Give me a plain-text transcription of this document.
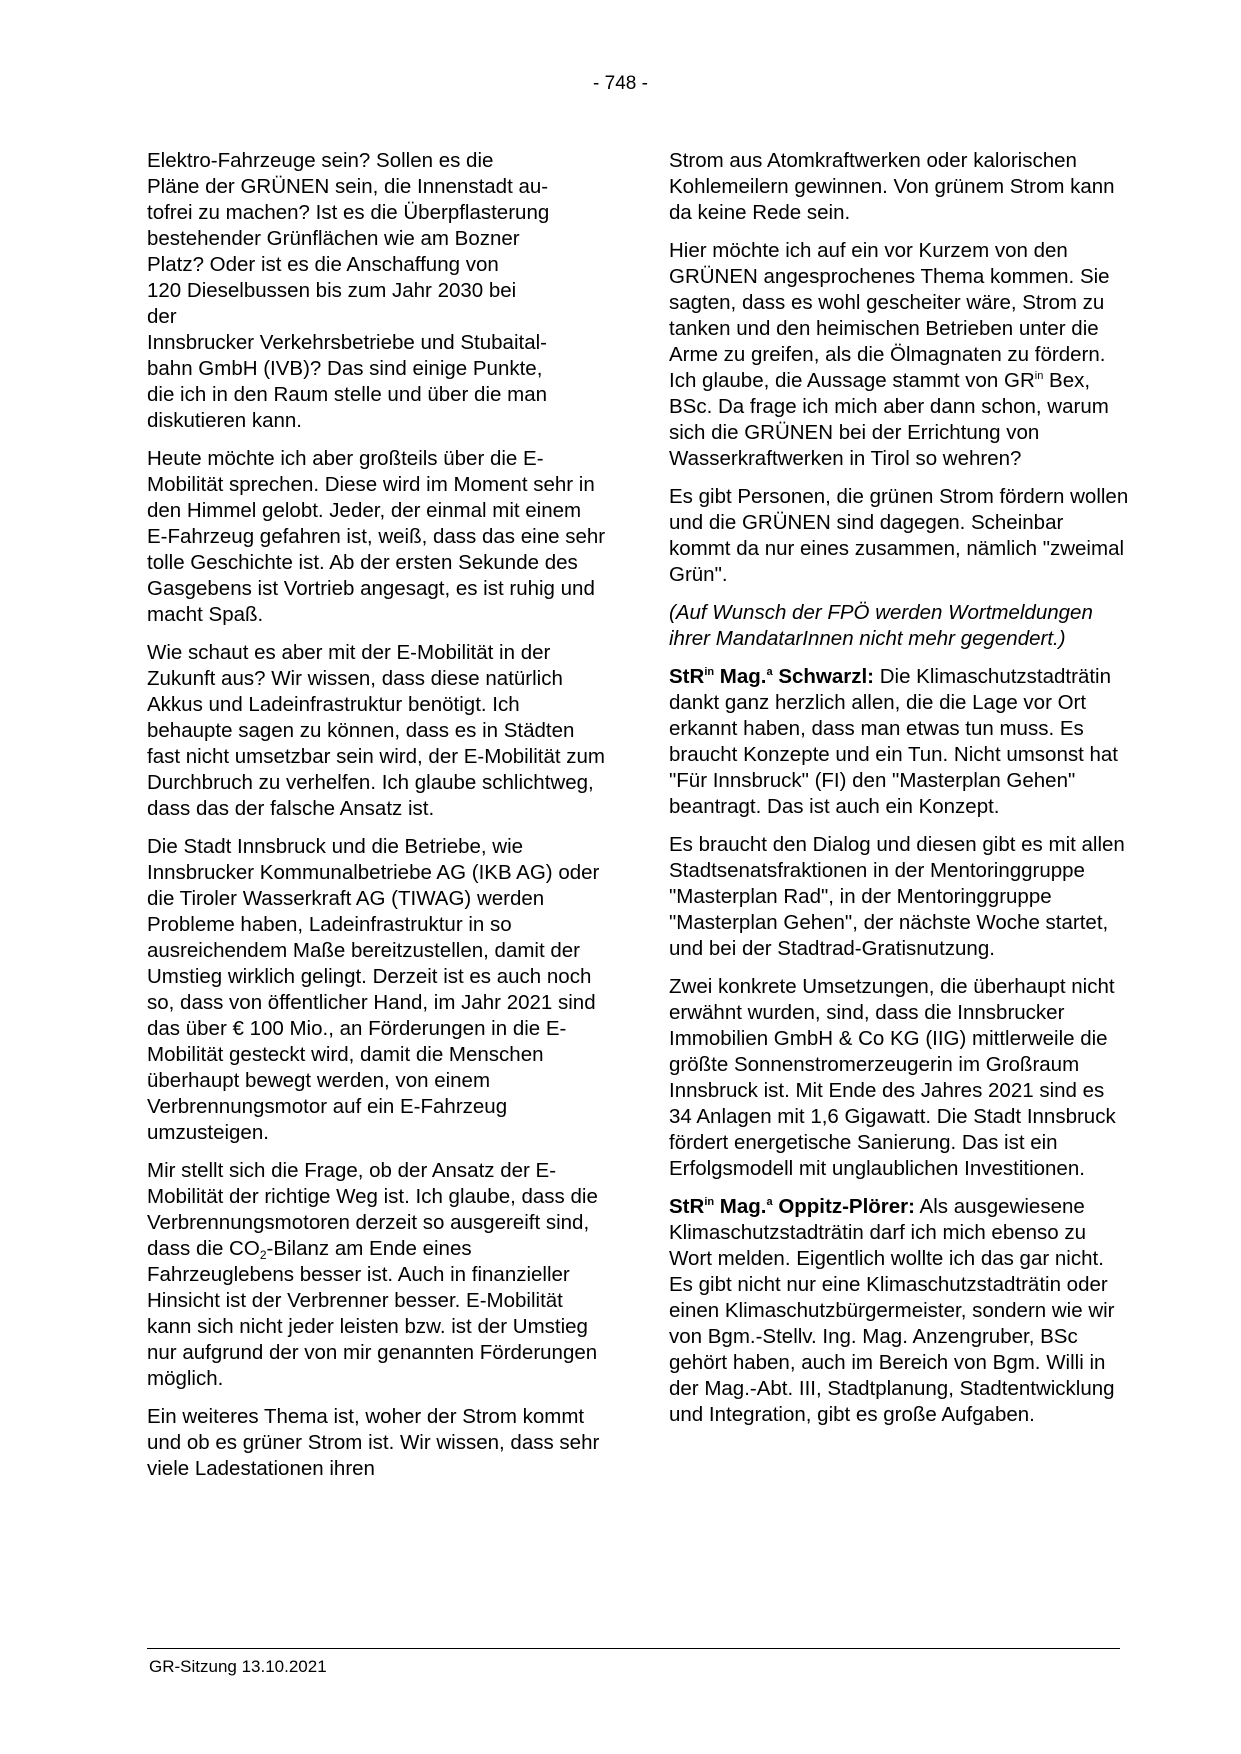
- 748 -

Elektro-Fahrzeuge sein? Sollen es die
Pläne der GRÜNEN sein, die Innenstadt au-
tofrei zu machen? Ist es die Überpflasterung
bestehender Grünflächen wie am Bozner
Platz? Oder ist es die Anschaffung von
120 Dieselbussen bis zum Jahr 2030 bei
der
Innsbrucker Verkehrsbetriebe und Stubaital-
bahn GmbH (IVB)? Das sind einige Punkte,
die ich in den Raum stelle und über die man
diskutieren kann.

Heute möchte ich aber großteils über die E-Mobilität sprechen. Diese wird im Moment sehr in den Himmel gelobt. Jeder, der einmal mit einem E-Fahrzeug gefahren ist, weiß, dass das eine sehr tolle Geschichte ist. Ab der ersten Sekunde des Gasgebens ist Vortrieb angesagt, es ist ruhig und macht Spaß.

Wie schaut es aber mit der E-Mobilität in der Zukunft aus? Wir wissen, dass diese natürlich Akkus und Ladeinfrastruktur benötigt. Ich behaupte sagen zu können, dass es in Städten fast nicht umsetzbar sein wird, der E-Mobilität zum Durchbruch zu verhelfen. Ich glaube schlichtweg, dass das der falsche Ansatz ist.

Die Stadt Innsbruck und die Betriebe, wie Innsbrucker Kommunalbetriebe AG (IKB AG) oder die Tiroler Wasserkraft AG (TIWAG) werden Probleme haben, Ladeinfrastruktur in so ausreichendem Maße bereitzustellen, damit der Umstieg wirklich gelingt. Derzeit ist es auch noch so, dass von öffentlicher Hand, im Jahr 2021 sind das über € 100 Mio., an Förderungen in die E-Mobilität gesteckt wird, damit die Menschen überhaupt bewegt werden, von einem Verbrennungsmotor auf ein E-Fahrzeug umzusteigen.

Mir stellt sich die Frage, ob der Ansatz der E-Mobilität der richtige Weg ist. Ich glaube, dass die Verbrennungsmotoren derzeit so ausgereift sind, dass die $CO_2$-Bilanz am Ende eines Fahrzeuglebens besser ist. Auch in finanzieller Hinsicht ist der Verbrenner besser. E-Mobilität kann sich nicht jeder leisten bzw. ist der Umstieg nur aufgrund der von mir genannten Förderungen möglich.

Ein weiteres Thema ist, woher der Strom kommt und ob es grüner Strom ist. Wir wissen, dass sehr viele Ladestationen ihren

Strom aus Atomkraftwerken oder kalorischen Kohlemeilern gewinnen. Von grünem Strom kann da keine Rede sein.

Hier möchte ich auf ein vor Kurzem von den GRÜNEN angesprochenes Thema kommen. Sie sagten, dass es wohl gescheiter wäre, Strom zu tanken und den heimischen Betrieben unter die Arme zu greifen, als die Ölmagnaten zu fördern. Ich glaube, die Aussage stammt von $GR^{in}$ Bex, BSc. Da frage ich mich aber dann schon, warum sich die GRÜNEN bei der Errichtung von Wasserkraftwerken in Tirol so wehren?

Es gibt Personen, die grünen Strom fördern wollen und die GRÜNEN sind dagegen. Scheinbar kommt da nur eines zusammen, nämlich "zweimal Grün".

(Auf Wunsch der FPÖ werden Wortmeldungen ihrer MandatarInnen nicht mehr gegendert.)

StR$^{in}$ Mag.$^a$ Schwarzl: Die Klimaschutzstadträtin dankt ganz herzlich allen, die die Lage vor Ort erkannt haben, dass man etwas tun muss. Es braucht Konzepte und ein Tun. Nicht umsonst hat "Für Innsbruck" (FI) den "Masterplan Gehen" beantragt. Das ist auch ein Konzept.

Es braucht den Dialog und diesen gibt es mit allen Stadtsenatsfraktionen in der Mentoringgruppe "Masterplan Rad", in der Mentoringgruppe "Masterplan Gehen", der nächste Woche startet, und bei der Stadtrad-Gratisnutzung.

Zwei konkrete Umsetzungen, die überhaupt nicht erwähnt wurden, sind, dass die Innsbrucker Immobilien GmbH & Co KG (IIG) mittlerweile die größte Sonnenstromerzeugerin im Großraum Innsbruck ist. Mit Ende des Jahres 2021 sind es 34 Anlagen mit 1,6 Gigawatt. Die Stadt Innsbruck fördert energetische Sanierung. Das ist ein Erfolgsmodell mit unglaublichen Investitionen.

StR$^{in}$ Mag.$^a$ Oppitz-Plörer: Als ausgewiesene Klimaschutzstadträtin darf ich mich ebenso zu Wort melden. Eigentlich wollte ich das gar nicht. Es gibt nicht nur eine Klimaschutzstadträtin oder einen Klimaschutzbürgermeister, sondern wie wir von Bgm.-Stellv. Ing. Mag. Anzengruber, BSc gehört haben, auch im Bereich von Bgm. Willi in der Mag.-Abt. III, Stadtplanung, Stadtentwicklung und Integration, gibt es große Aufgaben.

GR-Sitzung 13.10.2021
